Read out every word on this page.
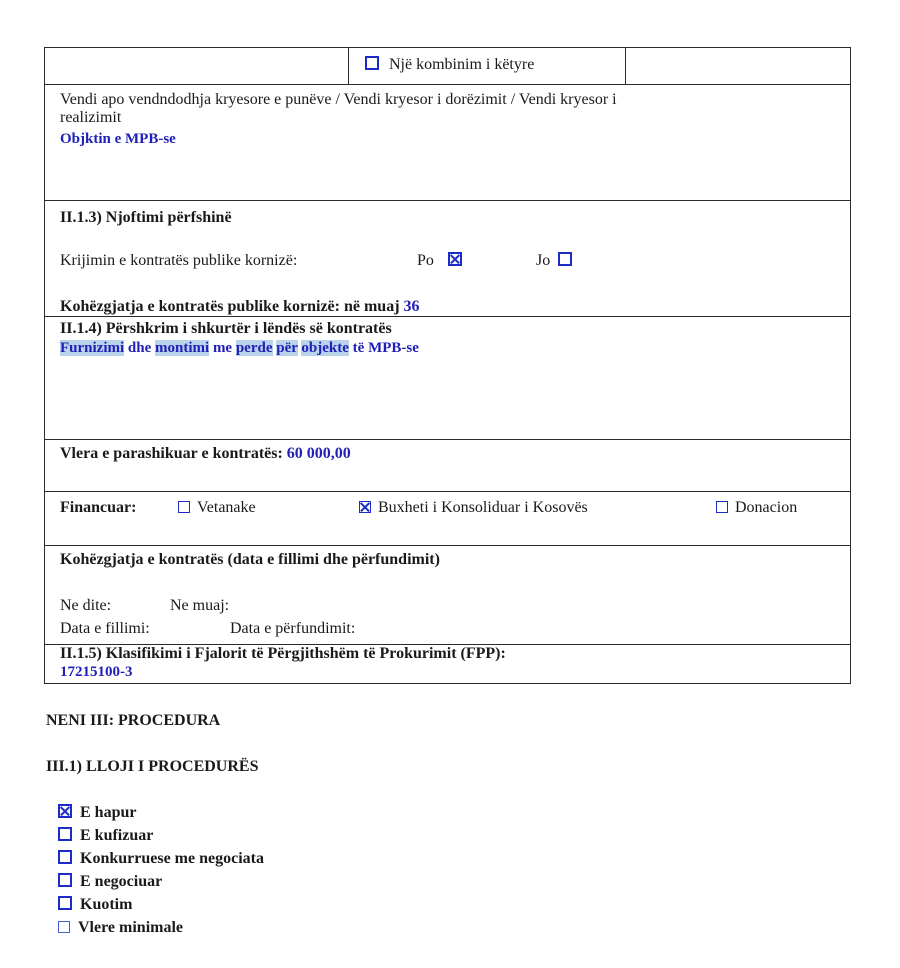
Një kombinim i këtyre
Vendi apo vendndodhja kryesore e punëve / Vendi kryesor i dorëzimit / Vendi kryesor i
realizimit
Objktin e MPB-se
II.1.3) Njoftimi përfshinë
Krijimin e kontratës publike kornizë:	Po	Jo
Kohëzgjatja e kontratës publike kornizë: në muaj 36
II.1.4) Përshkrim i shkurtër i lëndës së kontratës
Furnizimi dhe montimi me perde për objekte të MPB-se
Vlera e parashikuar e kontratës: 60 000,00
Financuar:	Vetanake	Buxheti i Konsoliduar i Kosovës	Donacion
Kohëzgjatja e kontratës (data e fillimi dhe përfundimit)
Ne dite:	Ne muaj:
Data e fillimi:	Data e përfundimit:
II.1.5) Klasifikimi i Fjalorit të Përgjithshëm të Prokurimit (FPP):
17215100-3
NENI III: PROCEDURA
III.1) LLOJI I PROCEDURËS
E hapur
E kufizuar
Konkurruese me negociata
E negociuar
Kuotim
Vlere minimale
